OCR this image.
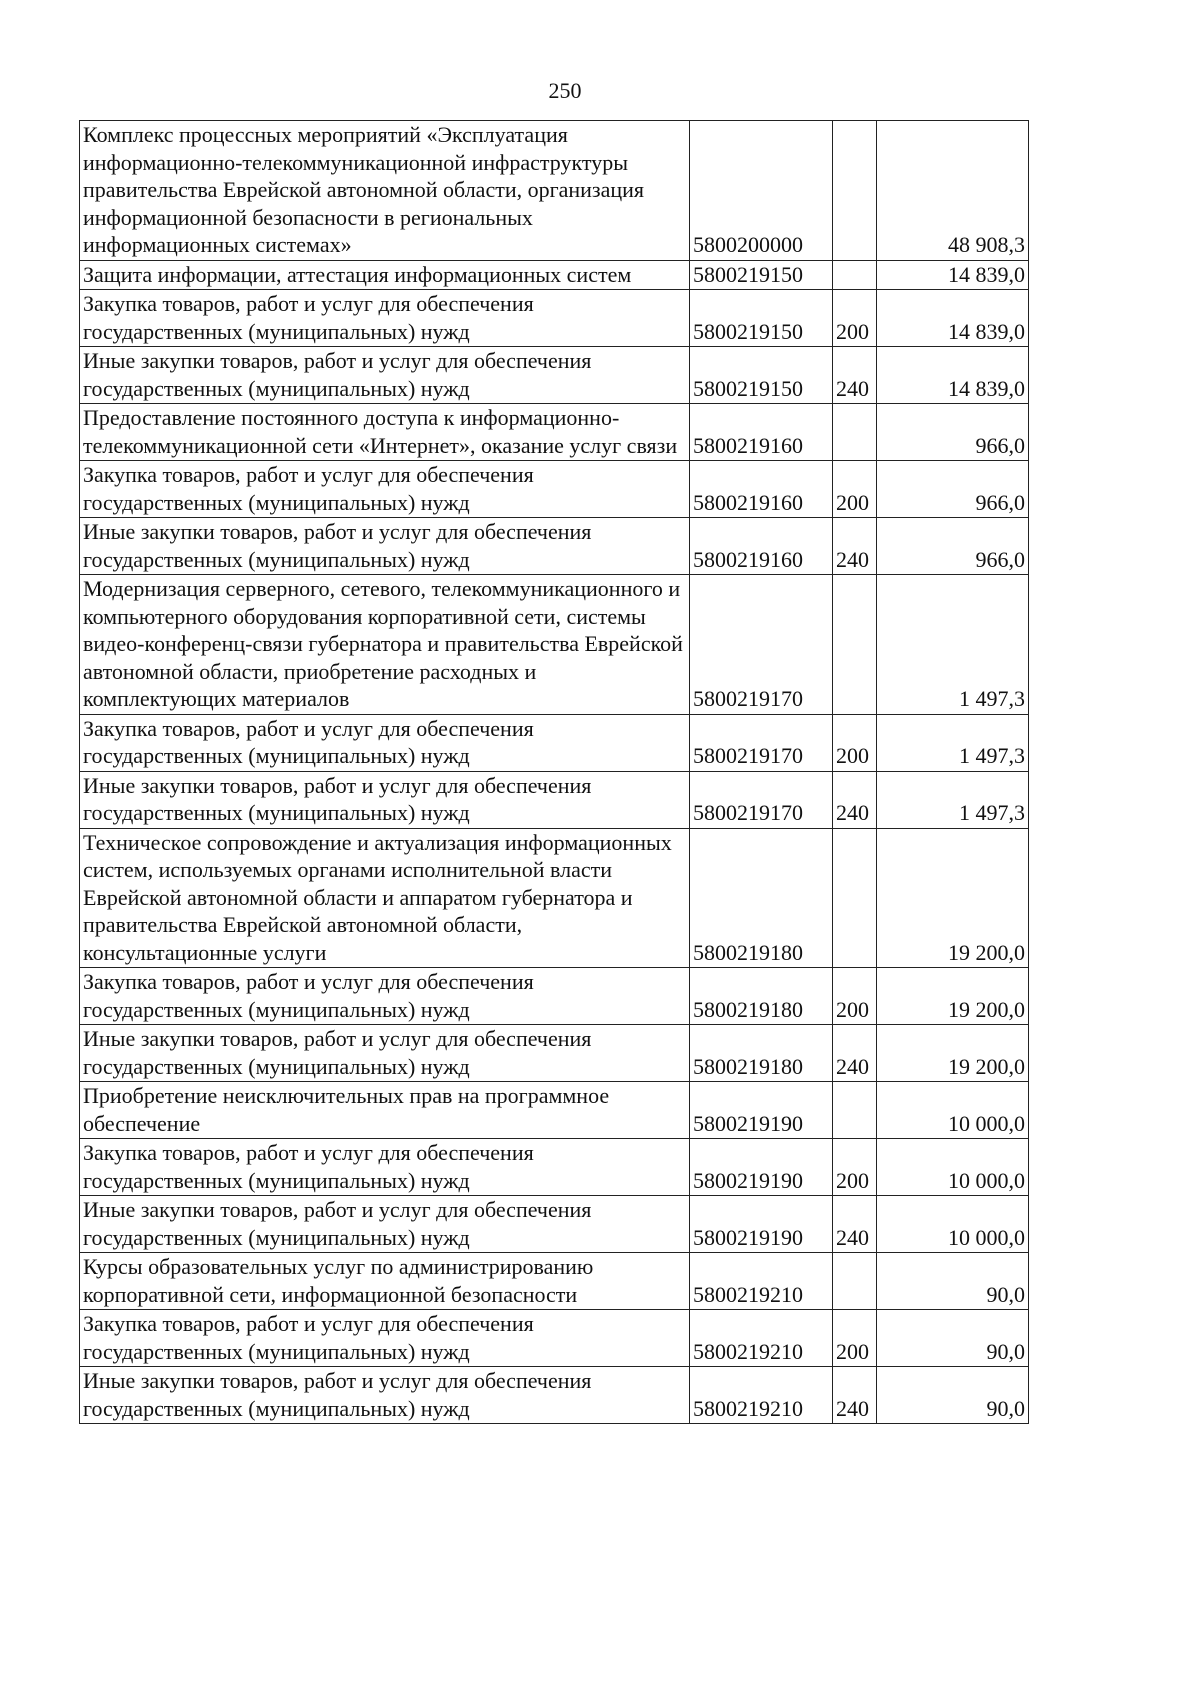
250
Комплекс процессных мероприятий «Эксплуатация информационно-телекоммуникационной инфраструктуры правительства Еврейской автономной области, организация информационной безопасности в региональных информационных системах»	5800200000		48 908,3
Защита информации, аттестация информационных систем	5800219150		14 839,0
Закупка товаров, работ и услуг для обеспечения государственных (муниципальных) нужд	5800219150	200	14 839,0
Иные закупки товаров, работ и услуг для обеспечения государственных (муниципальных) нужд	5800219150	240	14 839,0
Предоставление постоянного доступа к информационно-телекоммуникационной сети «Интернет», оказание услуг связи	5800219160		966,0
Закупка товаров, работ и услуг для обеспечения государственных (муниципальных) нужд	5800219160	200	966,0
Иные закупки товаров, работ и услуг для обеспечения государственных (муниципальных) нужд	5800219160	240	966,0
Модернизация серверного, сетевого, телекоммуникационного и компьютерного оборудования корпоративной сети, системы видео-конференц-связи губернатора и правительства Еврейской автономной области, приобретение расходных и комплектующих материалов	5800219170		1 497,3
Закупка товаров, работ и услуг для обеспечения государственных (муниципальных) нужд	5800219170	200	1 497,3
Иные закупки товаров, работ и услуг для обеспечения государственных (муниципальных) нужд	5800219170	240	1 497,3
Техническое сопровождение и актуализация информационных систем, используемых органами исполнительной власти Еврейской автономной области и аппаратом губернатора и правительства Еврейской автономной области, консультационные услуги	5800219180		19 200,0
Закупка товаров, работ и услуг для обеспечения государственных (муниципальных) нужд	5800219180	200	19 200,0
Иные закупки товаров, работ и услуг для обеспечения государственных (муниципальных) нужд	5800219180	240	19 200,0
Приобретение неисключительных прав на программное обеспечение	5800219190		10 000,0
Закупка товаров, работ и услуг для обеспечения государственных (муниципальных) нужд	5800219190	200	10 000,0
Иные закупки товаров, работ и услуг для обеспечения государственных (муниципальных) нужд	5800219190	240	10 000,0
Курсы образовательных услуг по администрированию корпоративной сети, информационной безопасности	5800219210		90,0
Закупка товаров, работ и услуг для обеспечения государственных (муниципальных) нужд	5800219210	200	90,0
Иные закупки товаров, работ и услуг для обеспечения государственных (муниципальных) нужд	5800219210	240	90,0
